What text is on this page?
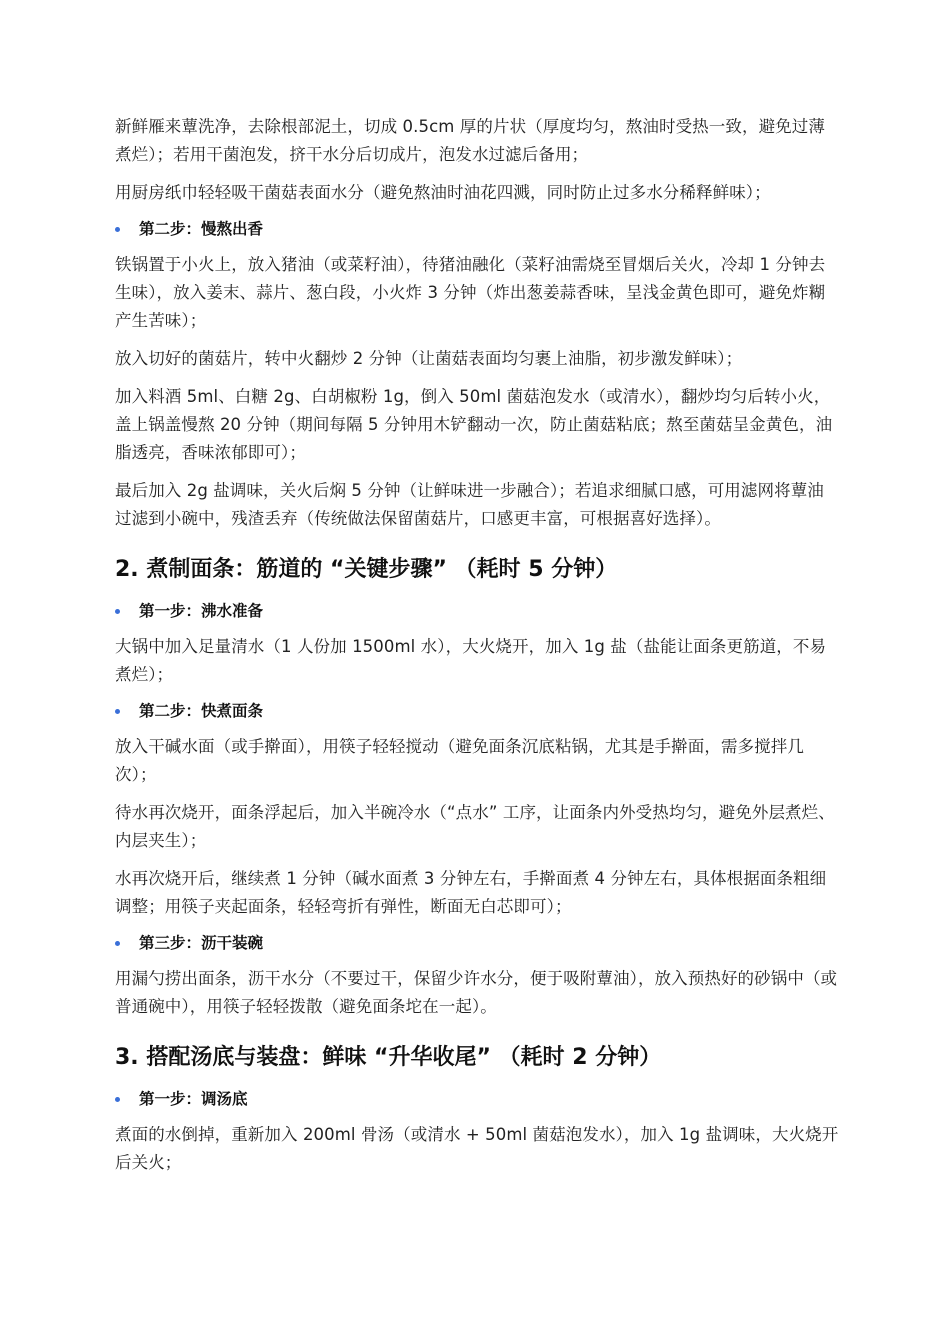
新鲜雁来蕈洗净，去除根部泥土，切成 0.5cm 厚的片状（厚度均匀，熬油时受热一致，避免过薄煮烂）；若用干菌泡发，挤干水分后切成片，泡发水过滤后备用；

用厨房纸巾轻轻吸干菌菇表面水分（避免熬油时油花四溅，同时防止过多水分稀释鲜味）；

第二步：慢熬出香

铁锅置于小火上，放入猪油（或菜籽油），待猪油融化（菜籽油需烧至冒烟后关火，冷却 1 分钟去生味），放入姜末、蒜片、葱白段，小火炸 3 分钟（炸出葱姜蒜香味，呈浅金黄色即可，避免炸糊产生苦味）；

放入切好的菌菇片，转中火翻炒 2 分钟（让菌菇表面均匀裹上油脂，初步激发鲜味）；

加入料酒 5ml、白糖 2g、白胡椒粉 1g，倒入 50ml 菌菇泡发水（或清水），翻炒均匀后转小火，盖上锅盖慢熬 20 分钟（期间每隔 5 分钟用木铲翻动一次，防止菌菇粘底；熬至菌菇呈金黄色，油脂透亮，香味浓郁即可）；

最后加入 2g 盐调味，关火后焖 5 分钟（让鲜味进一步融合）；若追求细腻口感，可用滤网将蕈油过滤到小碗中，残渣丢弃（传统做法保留菌菇片，口感更丰富，可根据喜好选择）。

2. 煮制面条：筋道的 “关键步骤” （耗时 5 分钟）
第一步：沸水准备

大锅中加入足量清水（1 人份加 1500ml 水），大火烧开，加入 1g 盐（盐能让面条更筋道，不易煮烂）；

第二步：快煮面条

放入干碱水面（或手擀面），用筷子轻轻搅动（避免面条沉底粘锅，尤其是手擀面，需多搅拌几次）；

待水再次烧开，面条浮起后，加入半碗冷水（“点水” 工序，让面条内外受热均匀，避免外层煮烂、内层夹生）；

水再次烧开后，继续煮 1 分钟（碱水面煮 3 分钟左右，手擀面煮 4 分钟左右，具体根据面条粗细调整；用筷子夹起面条，轻轻弯折有弹性，断面无白芯即可）；

第三步：沥干装碗

用漏勺捞出面条，沥干水分（不要过干，保留少许水分，便于吸附蕈油），放入预热好的砂锅中（或普通碗中），用筷子轻轻拨散（避免面条坨在一起）。

3. 搭配汤底与装盘：鲜味 “升华收尾” （耗时 2 分钟）
第一步：调汤底

煮面的水倒掉，重新加入 200ml 骨汤（或清水 + 50ml 菌菇泡发水），加入 1g 盐调味，大火烧开后关火；
